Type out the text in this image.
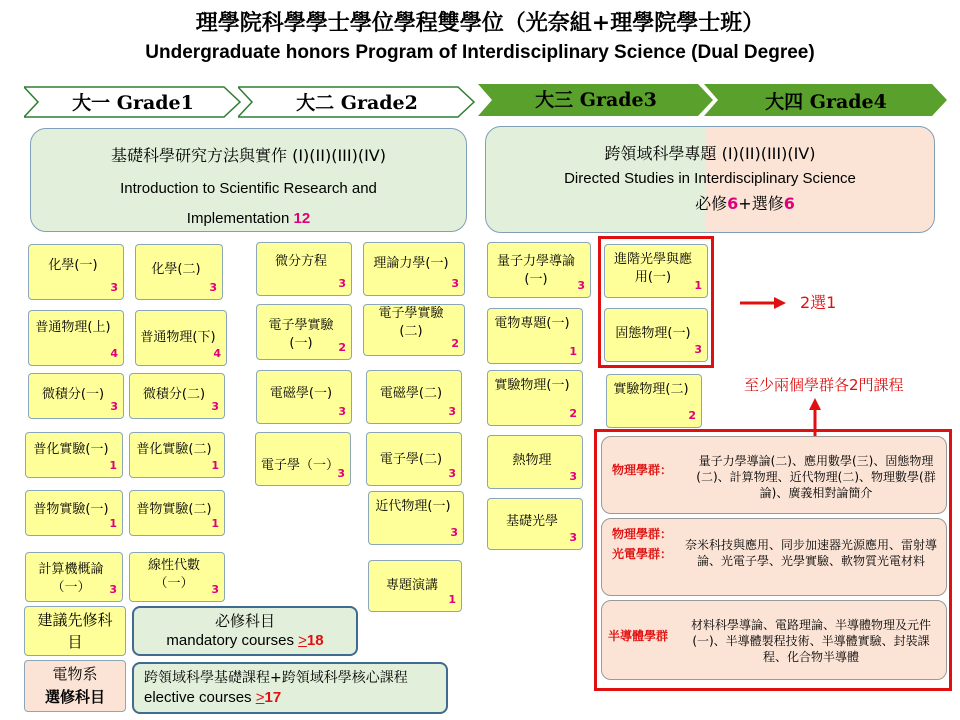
理學院科學學士學位學程雙學位（光奈組+理學院學士班）
Undergraduate honors Program of Interdisciplinary Science (Dual Degree)
大一 Grade1	大二 Grade2	大三 Grade3	大四 Grade4
基礎科學研究方法與實作 (I)(II)(III)(IV)
Introduction to Scientific Research and
Implementation 12
跨領域科學專題 (I)(II)(III)(IV)
Directed Studies in Interdisciplinary Science
必修6+選修6
化學(一)
3
化學(二)
3
普通物理(上)
4
普通物理(下)
4
微積分(一)
3
微積分(二)
3
普化實驗(一)
1
普化實驗(二)
1
普物實驗(一)
1
普物實驗(二)
1
計算機概論（一） 3
線性代數（一） 3
微分方程
3
理論力學(一)
3
電子學實驗(一) 2
電子學實驗(二)
2
電磁學(一)
3
電磁學(二)
3
電子學（一）
3
電子學(二)
3
近代物理(一)
3
專題演講
1
量子力學導論(一)	3
電物專題(一)
1
實驗物理(一)
2
熱物理
3
基礎光學
3
進階光學與應用(一)
1
固態物理(一)
3
實驗物理(二)
2
2選1
至少兩個學群各2門課程
物理學群：
量子力學導論(二)、應用數學(三)、固態物理(二)、計算物理、近代物理(二)、物理數學(群論)、廣義相對論簡介
物理學群：
光電學群：
奈米科技與應用、同步加速器光源應用、雷射導論、光電子學、光學實驗、軟物質光電材料
半導體學群
材料科學導論、電路理論、半導體物理及元件(一)、半導體製程技術、半導體實驗、封裝課程、化合物半導體
建議先修科目
電物系
選修科目
必修科目
mandatory courses >18
跨領域科學基礎課程+跨領域科學核心課程
elective courses >17
